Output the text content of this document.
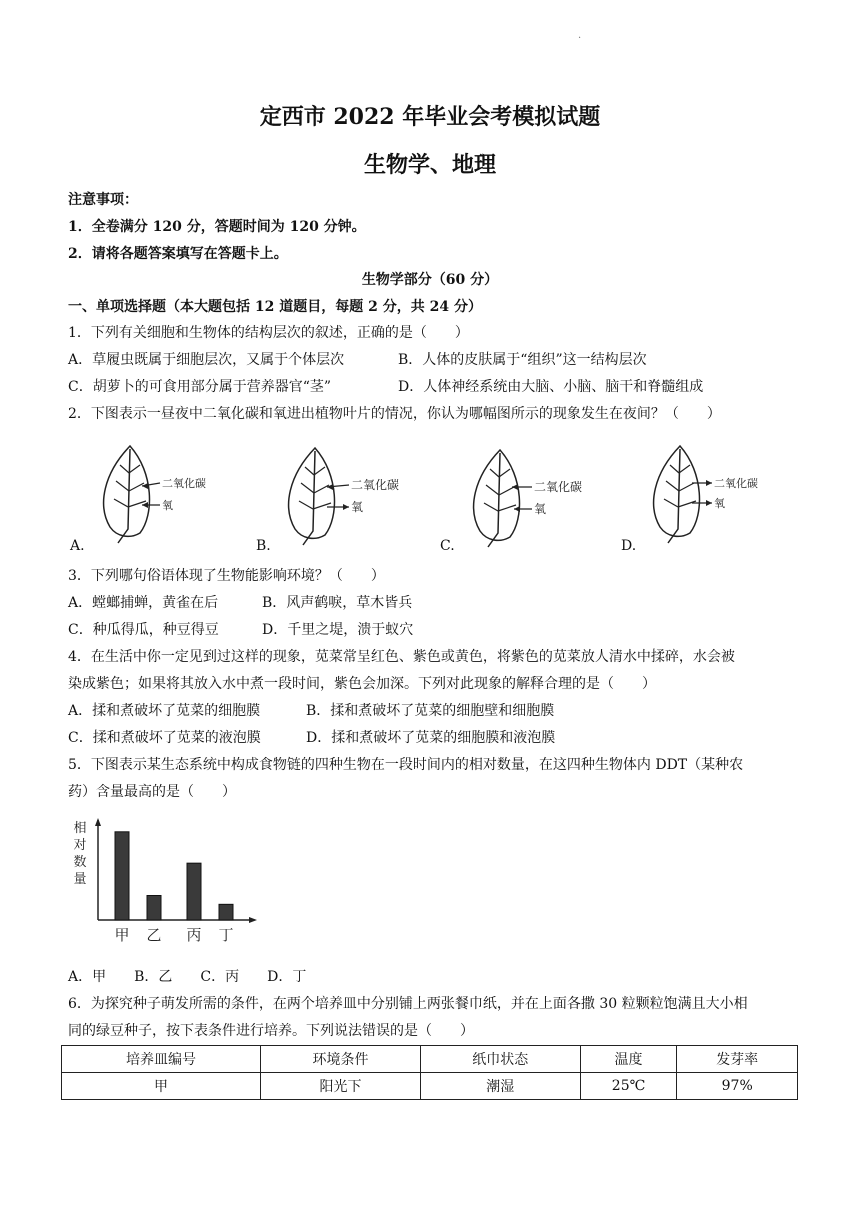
.
定西市 2022 年毕业会考模拟试题
生物学、地理
注意事项：
1．全卷满分 120 分，答题时间为 120 分钟。
2．请将各题答案填写在答题卡上。
生物学部分（60 分）
一、单项选择题（本大题包括 12 道题目，每题 2 分，共 24 分）
1．下列有关细胞和生物体的结构层次的叙述，正确的是（　　）
A．草履虫既属于细胞层次，又属于个体层次	B．人体的皮肤属于“组织”这一结构层次
C．胡萝卜的可食用部分属于营养器官“茎”	D．人体神经系统由大脑、小脑、脑干和脊髓组成
2．下图表示一昼夜中二氧化碳和氧进出植物叶片的情况，你认为哪幅图所示的现象发生在夜间？（　　）
二氧化碳
氧
二氧化碳
氧
二氧化碳
氧
二氧化碳
氧
A.	B.	C.	D.
3．下列哪句俗语体现了生物能影响环境？（　　）
A．螳螂捕蝉，黄雀在后	B．风声鹤唳，草木皆兵
C．种瓜得瓜，种豆得豆	D．千里之堤，溃于蚁穴
4．在生活中你一定见到过这样的现象，苋菜常呈红色、紫色或黄色，将紫色的苋菜放人清水中揉碎，水会被
染成紫色；如果将其放入水中煮一段时间，紫色会加深。下列对此现象的解释合理的是（　　）
A．揉和煮破坏了苋菜的细胞膜	B．揉和煮破坏了苋菜的细胞壁和细胞膜
C．揉和煮破坏了苋菜的液泡膜	D．揉和煮破坏了苋菜的细胞膜和液泡膜
5．下图表示某生态系统中构成食物链的四种生物在一段时间内的相对数量，在这四种生物体内 DDT（某种农
药）含量最高的是（　　）
相
对
数
量
甲 乙 丙 丁
A．甲　　B．乙　　C．丙　　D．丁
6．为探究种子萌发所需的条件，在两个培养皿中分别铺上两张餐巾纸，并在上面各撒 30 粒颗粒饱满且大小相
同的绿豆种子，按下表条件进行培养。下列说法错误的是（　　）
培养皿编号	环境条件	纸巾状态	温度	发芽率
甲	阳光下	潮湿	25℃	97%
